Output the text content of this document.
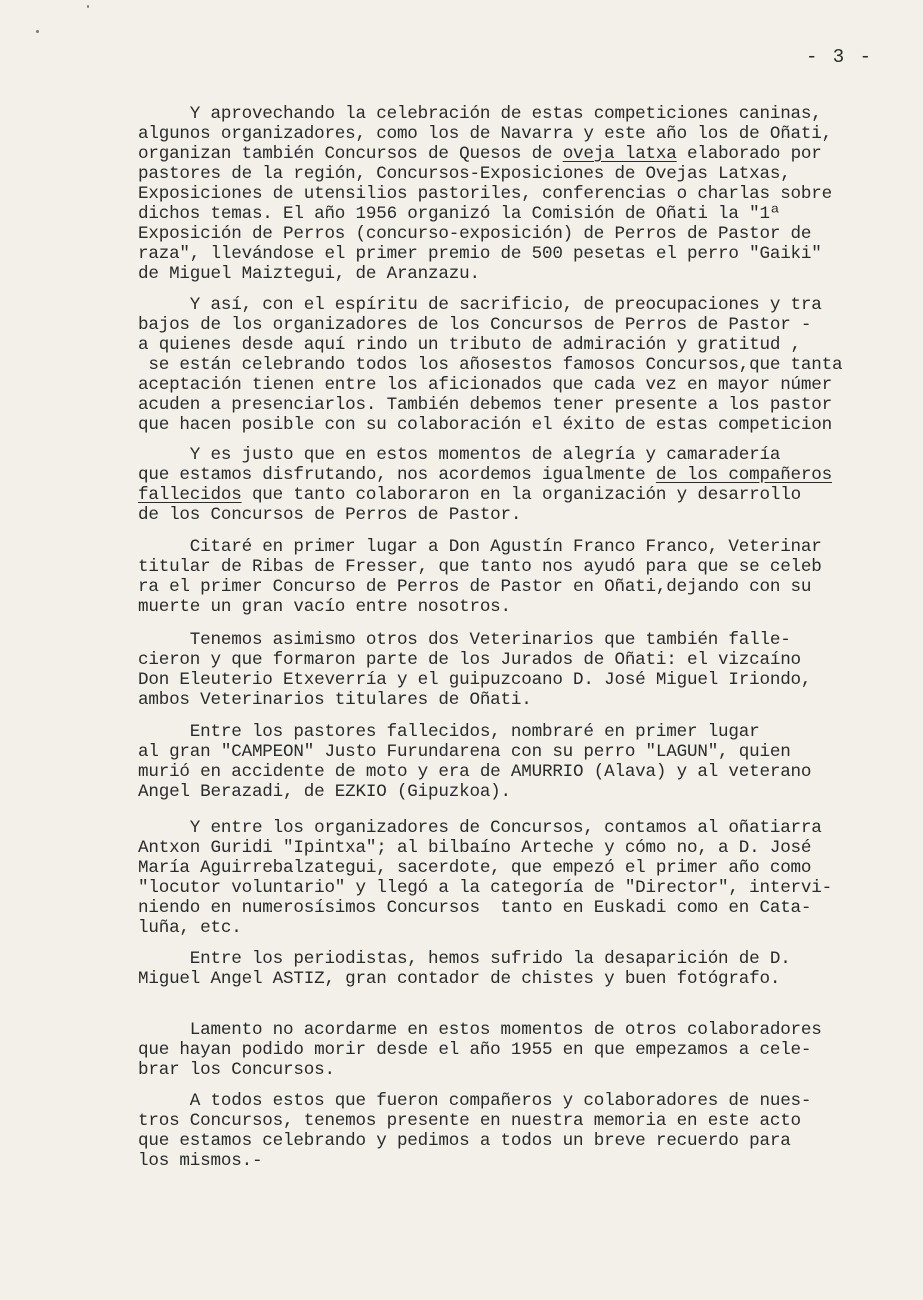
- 3 -
Y aprovechando la celebración de estas competiciones caninas,
algunos organizadores, como los de Navarra y este año los de Oñati,
organizan también Concursos de Quesos de oveja latxa elaborado por
pastores de la región, Concursos-Exposiciones de Ovejas Latxas,
Exposiciones de utensilios pastoriles, conferencias o charlas sobre
dichos temas. El año 1956 organizó la Comisión de Oñati la "1ª
Exposición de Perros (concurso-exposición) de Perros de Pastor de
raza", llevándose el primer premio de 500 pesetas el perro "Gaiki"
de Miguel Maiztegui, de Aranzazu.
Y así, con el espíritu de sacrificio, de preocupaciones y tra
bajos de los organizadores de los Concursos de Perros de Pastor -
a quienes desde aquí rindo un tributo de admiración y gratitud ,
se están celebrando todos los añosestos famosos Concursos,que tanta
aceptación tienen entre los aficionados que cada vez en mayor númer
acuden a presenciarlos. También debemos tener presente a los pastor
que hacen posible con su colaboración el éxito de estas competicion
Y es justo que en estos momentos de alegría y camaradería
que estamos disfrutando, nos acordemos igualmente de los compañeros
fallecidos que tanto colaboraron en la organización y desarrollo
de los Concursos de Perros de Pastor.
Citaré en primer lugar a Don Agustín Franco Franco, Veterinar
titular de Ribas de Fresser, que tanto nos ayudó para que se celeb
ra el primer Concurso de Perros de Pastor en Oñati,dejando con su
muerte un gran vacío entre nosotros.
Tenemos asimismo otros dos Veterinarios que también falle-
cieron y que formaron parte de los Jurados de Oñati: el vizcaíno
Don Eleuterio Etxeverría y el guipuzcoano D. José Miguel Iriondo,
ambos Veterinarios titulares de Oñati.
Entre los pastores fallecidos, nombraré en primer lugar
al gran "CAMPEON" Justo Furundarena con su perro "LAGUN", quien
murió en accidente de moto y era de AMURRIO (Alava) y al veterano
Angel Berazadi, de EZKIO (Gipuzkoa).
Y entre los organizadores de Concursos, contamos al oñatiarra
Antxon Guridi "Ipintxa"; al bilbaíno Arteche y cómo no, a D. José
María Aguirrebalzategui, sacerdote, que empezó el primer año como
"locutor voluntario" y llegó a la categoría de "Director", intervi-
niendo en numerosísimos Concursos  tanto en Euskadi como en Cata-
luña, etc.
Entre los periodistas, hemos sufrido la desaparición de D.
Miguel Angel ASTIZ, gran contador de chistes y buen fotógrafo.
Lamento no acordarme en estos momentos de otros colaboradores
que hayan podido morir desde el año 1955 en que empezamos a cele-
brar los Concursos.
A todos estos que fueron compañeros y colaboradores de nues-
tros Concursos, tenemos presente en nuestra memoria en este acto
que estamos celebrando y pedimos a todos un breve recuerdo para
los mismos.-
